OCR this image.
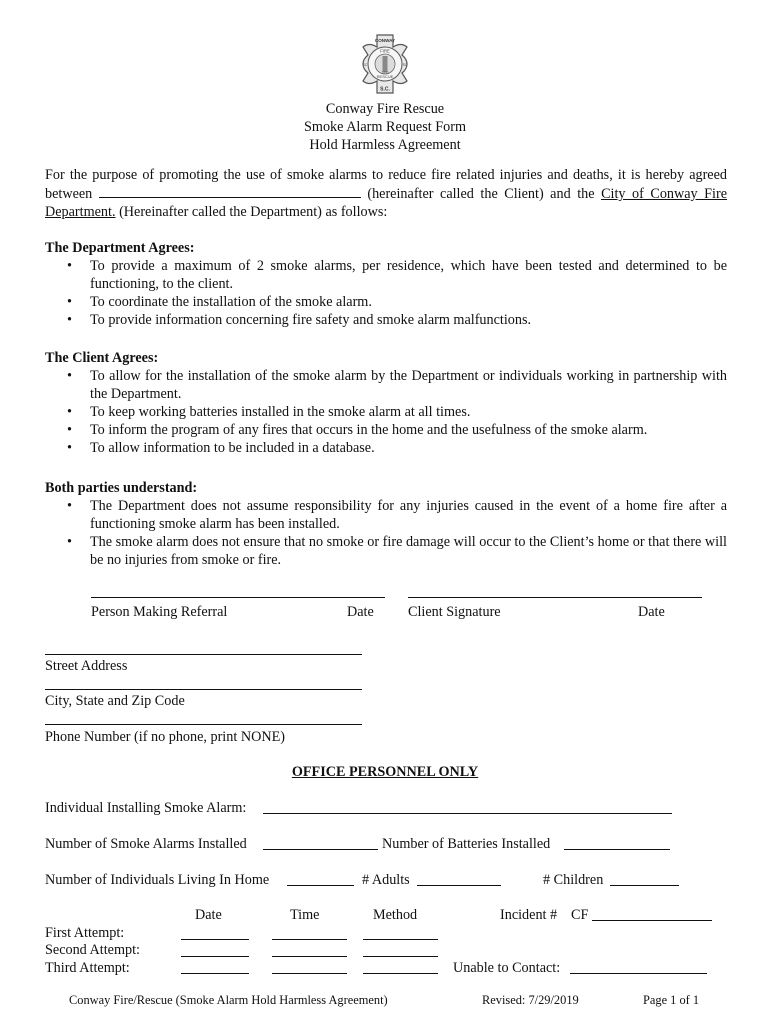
CONWAY
FIRE
RESCUE
1890
SC	SC
S.C.
Conway Fire Rescue
Smoke Alarm Request Form
Hold Harmless Agreement
For the purpose of promoting the use of smoke alarms to reduce fire related injuries and deaths, it is hereby agreed between	(hereinafter called the Client) and the City of Conway Fire Department. (Hereinafter called the Department) as follows:
The Department Agrees:
• To provide a maximum of 2 smoke alarms, per residence, which have been tested and determined to be functioning, to the client.
• To coordinate the installation of the smoke alarm.
• To provide information concerning fire safety and smoke alarm malfunctions.
The Client Agrees:
• To allow for the installation of the smoke alarm by the Department or individuals working in partnership with the Department.
• To keep working batteries installed in the smoke alarm at all times.
• To inform the program of any fires that occurs in the home and the usefulness of the smoke alarm.
• To allow information to be included in a database.
Both parties understand:
• The Department does not assume responsibility for any injuries caused in the event of a home fire after a functioning smoke alarm has been installed.
• The smoke alarm does not ensure that no smoke or fire damage will occur to the Client’s home or that there will be no injuries from smoke or fire.
Person Making Referral	Date Client Signature	Date
Street Address
City, State and Zip Code
Phone Number (if no phone, print NONE)
OFFICE PERSONNEL ONLY
Individual Installing Smoke Alarm:
Number of Smoke Alarms Installed	Number of Batteries Installed
Number of Individuals Living In Home	# Adults	# Children
Date	Time	Method	Incident # CF
First Attempt:
Second Attempt:
Third Attempt:	Unable to Contact:
Conway Fire/Rescue (Smoke Alarm Hold Harmless Agreement)	Revised: 7/29/2019	Page 1 of 1
